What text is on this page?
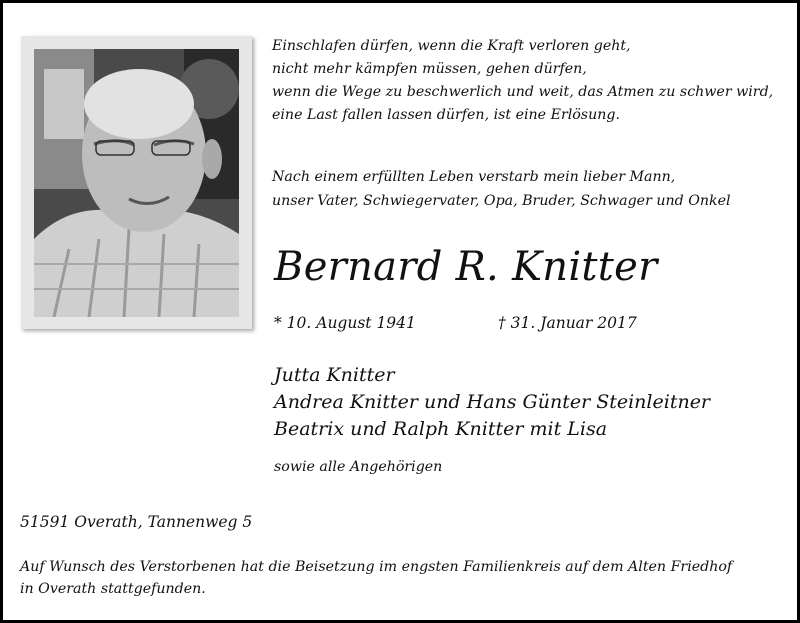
Einschlafen dürfen, wenn die Kraft verloren geht,
nicht mehr kämpfen müssen, gehen dürfen,
wenn die Wege zu beschwerlich und weit, das Atmen zu schwer wird,
eine Last fallen lassen dürfen, ist eine Erlösung.
Nach einem erfüllten Leben verstarb mein lieber Mann,
unser Vater, Schwiegervater, Opa, Bruder, Schwager und Onkel
Bernard R. Knitter
* 10. August 1941	† 31. Januar 2017
Jutta Knitter
Andrea Knitter und Hans Günter Steinleitner
Beatrix und Ralph Knitter mit Lisa
sowie alle Angehörigen
51591 Overath, Tannenweg 5
Auf Wunsch des Verstorbenen hat die Beisetzung im engsten Familienkreis auf dem Alten Friedhof
in Overath stattgefunden.
